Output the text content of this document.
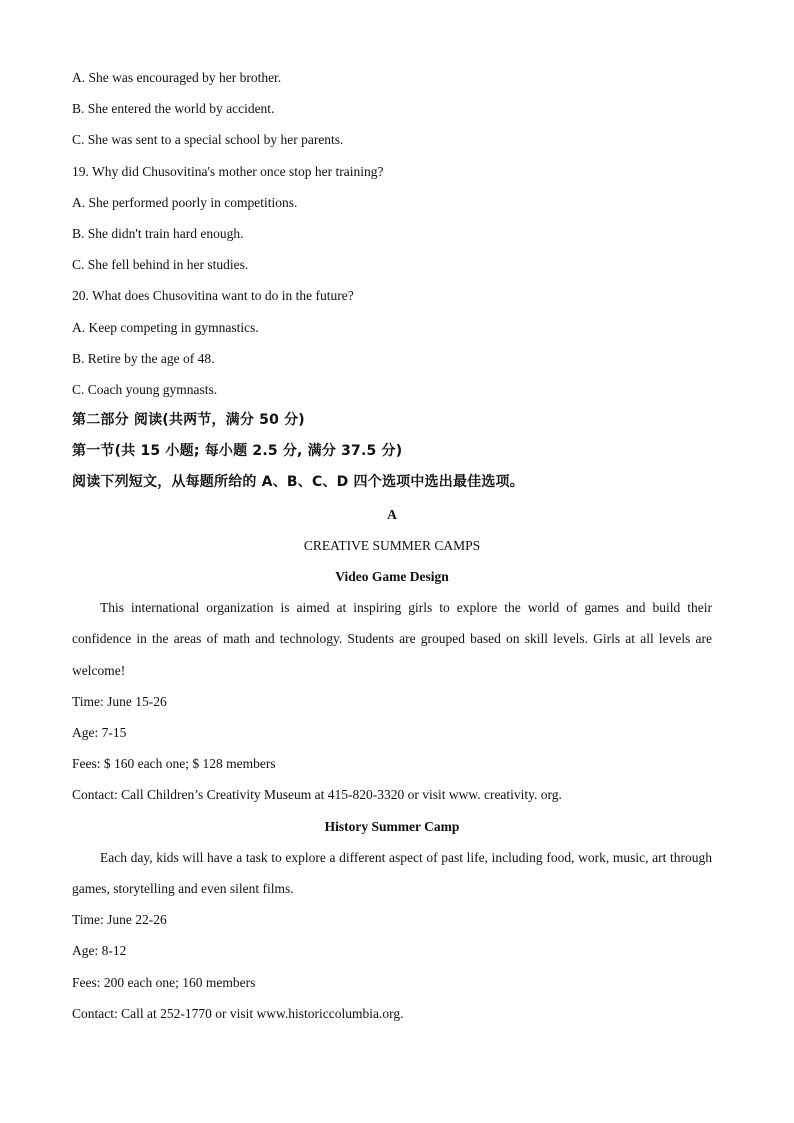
A. She was encouraged by her brother.
B. She entered the world by accident.
C. She was sent to a special school by her parents.
19. Why did Chusovitina's mother once stop her training?
A. She performed poorly in competitions.
B. She didn't train hard enough.
C. She fell behind in her studies.
20. What does Chusovitina want to do in the future?
A. Keep competing in gymnastics.
B. Retire by the age of 48.
C. Coach young gymnasts.
第二部分 阅读(共两节，满分 50 分)
第一节(共 15 小题; 每小题 2.5 分, 满分 37.5 分)
阅读下列短文，从每题所给的 A、B、C、D 四个选项中选出最佳选项。
A
CREATIVE SUMMER CAMPS
Video Game Design
This international organization is aimed at inspiring girls to explore the world of games and build their confidence in the areas of math and technology. Students are grouped based on skill levels. Girls at all levels are welcome!
Time: June 15-26
Age: 7-15
Fees: $ 160 each one; $ 128 members
Contact: Call Children’s Creativity Museum at 415-820-3320 or visit www. creativity. org.
History Summer Camp
Each day, kids will have a task to explore a different aspect of past life, including food, work, music, art through games, storytelling and even silent films.
Time: June 22-26
Age: 8-12
Fees: 200 each one; 160 members
Contact: Call at 252-1770 or visit www.historiccolumbia.org.
